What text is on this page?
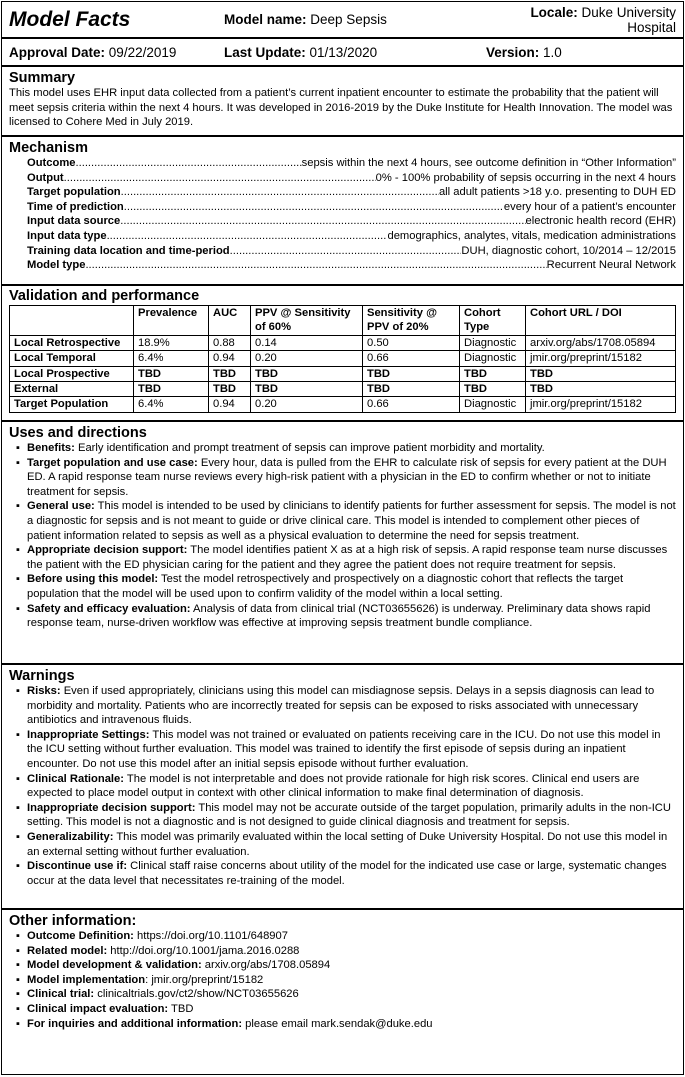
Model Facts	Model name: Deep Sepsis	Locale: Duke University Hospital
Approval Date: 09/22/2019	Last Update: 01/13/2020	Version: 1.0
Summary

This model uses EHR input data collected from a patient’s current inpatient encounter to estimate the probability that the patient will meet sepsis criteria within the next 4 hours. It was developed in 2016-2019 by the Duke Institute for Health Innovation. The model was licensed to Cohere Med in July 2019.

Mechanism
▪ Outcome .....	sepsis within the next 4 hours, see outcome definition in “Other Information”
▪ Output .....	0% - 100% probability of sepsis occurring in the next 4 hours
▪ Target population .....	all adult patients >18 y.o. presenting to DUH ED
▪ Time of prediction .....	every hour of a patient’s encounter
▪ Input data source .....	electronic health record (EHR)
▪ Input data type .....	demographics, analytes, vitals, medication administrations
▪ Training data location and time-period .....	DUH, diagnostic cohort, 10/2014 – 12/2015
▪ Model type .....	Recurrent Neural Network
Validation and performance
	Prevalence	AUC	PPV @ Sensitivity of 60%	Sensitivity @ PPV of 20%	Cohort Type	Cohort URL / DOI
Local Retrospective	18.9%	0.88	0.14	0.50	Diagnostic	arxiv.org/abs/1708.05894
Local Temporal	6.4%	0.94	0.20	0.66	Diagnostic	jmir.org/preprint/15182
Local Prospective	TBD	TBD	TBD	TBD	TBD	TBD
External	TBD	TBD	TBD	TBD	TBD	TBD
Target Population	6.4%	0.94	0.20	0.66	Diagnostic	jmir.org/preprint/15182
Uses and directions
▪ Benefits: Early identification and prompt treatment of sepsis can improve patient morbidity and mortality.
▪ Target population and use case: Every hour, data is pulled from the EHR to calculate risk of sepsis for every patient at the DUH ED. A rapid response team nurse reviews every high-risk patient with a physician in the ED to confirm whether or not to initiate treatment for sepsis.
▪ General use: This model is intended to be used by clinicians to identify patients for further assessment for sepsis. The model is not a diagnostic for sepsis and is not meant to guide or drive clinical care. This model is intended to complement other pieces of patient information related to sepsis as well as a physical evaluation to determine the need for sepsis treatment.
▪ Appropriate decision support: The model identifies patient X as at a high risk of sepsis. A rapid response team nurse discusses the patient with the ED physician caring for the patient and they agree the patient does not require treatment for sepsis.
▪ Before using this model: Test the model retrospectively and prospectively on a diagnostic cohort that reflects the target population that the model will be used upon to confirm validity of the model within a local setting.
▪ Safety and efficacy evaluation: Analysis of data from clinical trial (NCT03655626) is underway. Preliminary data shows rapid response team, nurse-driven workflow was effective at improving sepsis treatment bundle compliance.
Warnings
▪ Risks: Even if used appropriately, clinicians using this model can misdiagnose sepsis. Delays in a sepsis diagnosis can lead to morbidity and mortality. Patients who are incorrectly treated for sepsis can be exposed to risks associated with unnecessary antibiotics and intravenous fluids.
▪ Inappropriate Settings: This model was not trained or evaluated on patients receiving care in the ICU. Do not use this model in the ICU setting without further evaluation. This model was trained to identify the first episode of sepsis during an inpatient encounter. Do not use this model after an initial sepsis episode without further evaluation.
▪ Clinical Rationale: The model is not interpretable and does not provide rationale for high risk scores. Clinical end users are expected to place model output in context with other clinical information to make final determination of diagnosis.
▪ Inappropriate decision support: This model may not be accurate outside of the target population, primarily adults in the non-ICU setting. This model is not a diagnostic and is not designed to guide clinical diagnosis and treatment for sepsis.
▪ Generalizability: This model was primarily evaluated within the local setting of Duke University Hospital. Do not use this model in an external setting without further evaluation.
▪ Discontinue use if: Clinical staff raise concerns about utility of the model for the indicated use case or large, systematic changes occur at the data level that necessitates re-training of the model.
Other information:
▪ Outcome Definition: https://doi.org/10.1101/648907
▪ Related model: http://doi.org/10.1001/jama.2016.0288
▪ Model development & validation: arxiv.org/abs/1708.05894
▪ Model implementation: jmir.org/preprint/15182
▪ Clinical trial: clinicaltrials.gov/ct2/show/NCT03655626
▪ Clinical impact evaluation: TBD
▪ For inquiries and additional information: please email mark.sendak@duke.edu
